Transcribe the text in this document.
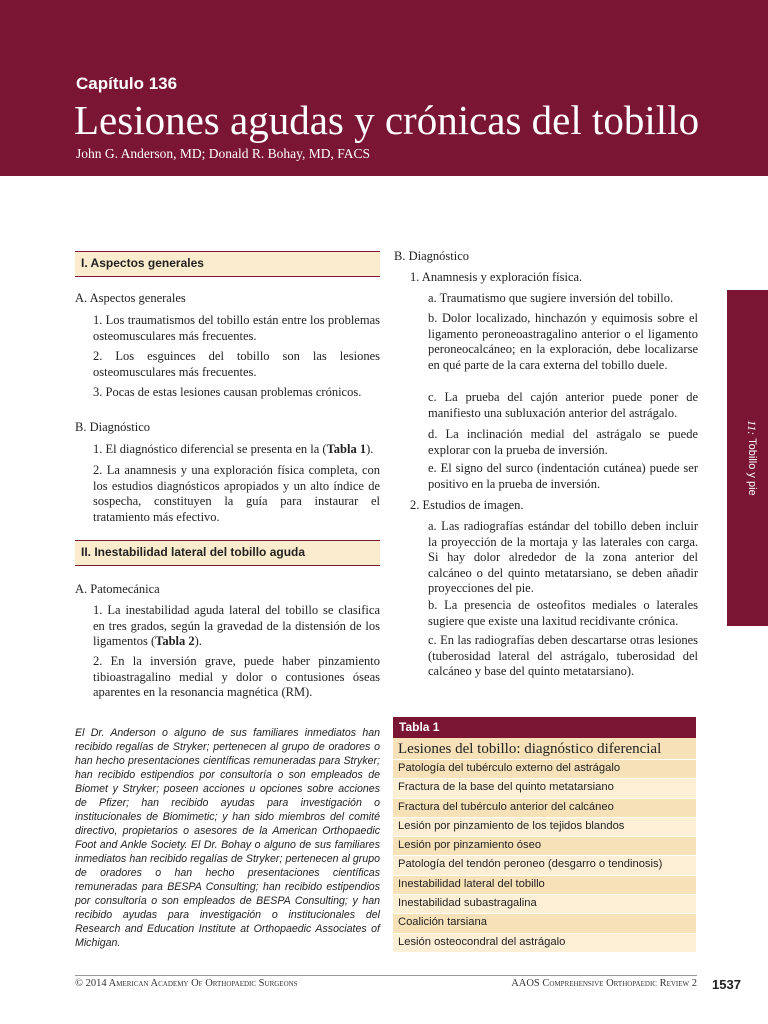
Capítulo 136
Lesiones agudas y crónicas del tobillo
John G. Anderson, MD; Donald R. Bohay, MD, FACS
11: Tobillo y pie
I. Aspectos generales
A. Aspectos generales
1. Los traumatismos del tobillo están entre los problemas osteomusculares más frecuentes.
2. Los esguinces del tobillo son las lesiones osteomusculares más frecuentes.
3. Pocas de estas lesiones causan problemas crónicos.
B. Diagnóstico
1. El diagnóstico diferencial se presenta en la (Tabla 1).
2. La anamnesis y una exploración física completa, con los estudios diagnósticos apropiados y un alto índice de sospecha, constituyen la guía para instaurar el tratamiento más efectivo.
II. Inestabilidad lateral del tobillo aguda
A. Patomecánica
1. La inestabilidad aguda lateral del tobillo se clasifica en tres grados, según la gravedad de la distensión de los ligamentos (Tabla 2).
2. En la inversión grave, puede haber pinzamiento tibioastragalino medial y dolor o contusiones óseas aparentes en la resonancia magnética (RM).
El Dr. Anderson o alguno de sus familiares inmediatos han recibido regalías de Stryker; pertenecen al grupo de oradores o han hecho presentaciones científicas remuneradas para Stryker; han recibido estipendios por consultoría o son empleados de Biomet y Stryker; poseen acciones u opciones sobre acciones de Pfizer; han recibido ayudas para investigación o institucionales de Biomimetic; y han sido miembros del comité directivo, propietarios o asesores de la American Orthopaedic Foot and Ankle Society. El Dr. Bohay o alguno de sus familiares inmediatos han recibido regalías de Stryker; pertenecen al grupo de oradores o han hecho presentaciones científicas remuneradas para BESPA Consulting; han recibido estipendios por consultoría o son empleados de BESPA Consulting; y han recibido ayudas para investigación o institucionales del Research and Education Institute at Orthopaedic Associates of Michigan.
B. Diagnóstico
1. Anamnesis y exploración física.
a. Traumatismo que sugiere inversión del tobillo.
b. Dolor localizado, hinchazón y equimosis sobre el ligamento peroneoastragalino anterior o el ligamento peroneocalcáneo; en la exploración, debe localizarse en qué parte de la cara externa del tobillo duele.
c. La prueba del cajón anterior puede poner de manifiesto una subluxación anterior del astrágalo.
d. La inclinación medial del astrágalo se puede explorar con la prueba de inversión.
e. El signo del surco (indentación cutánea) puede ser positivo en la prueba de inversión.
2. Estudios de imagen.
a. Las radiografías estándar del tobillo deben incluir la proyección de la mortaja y las laterales con carga. Si hay dolor alrededor de la zona anterior del calcáneo o del quinto metatarsiano, se deben añadir proyecciones del pie.
b. La presencia de osteofitos mediales o laterales sugiere que existe una laxitud recidivante crónica.
c. En las radiografías deben descartarse otras lesiones (tuberosidad lateral del astrágalo, tuberosidad del calcáneo y base del quinto metatarsiano).
Tabla 1
Lesiones del tobillo: diagnóstico diferencial
Patología del tubérculo externo del astrágalo
Fractura de la base del quinto metatarsiano
Fractura del tubérculo anterior del calcáneo
Lesión por pinzamiento de los tejidos blandos
Lesión por pinzamiento óseo
Patología del tendón peroneo (desgarro o tendinosis)
Inestabilidad lateral del tobillo
Inestabilidad subastragalina
Coalición tarsiana
Lesión osteocondral del astrágalo
© 2014 American Academy Of Orthopaedic Surgeons	AAOS Comprehensive Orthopaedic Review 2 1537
